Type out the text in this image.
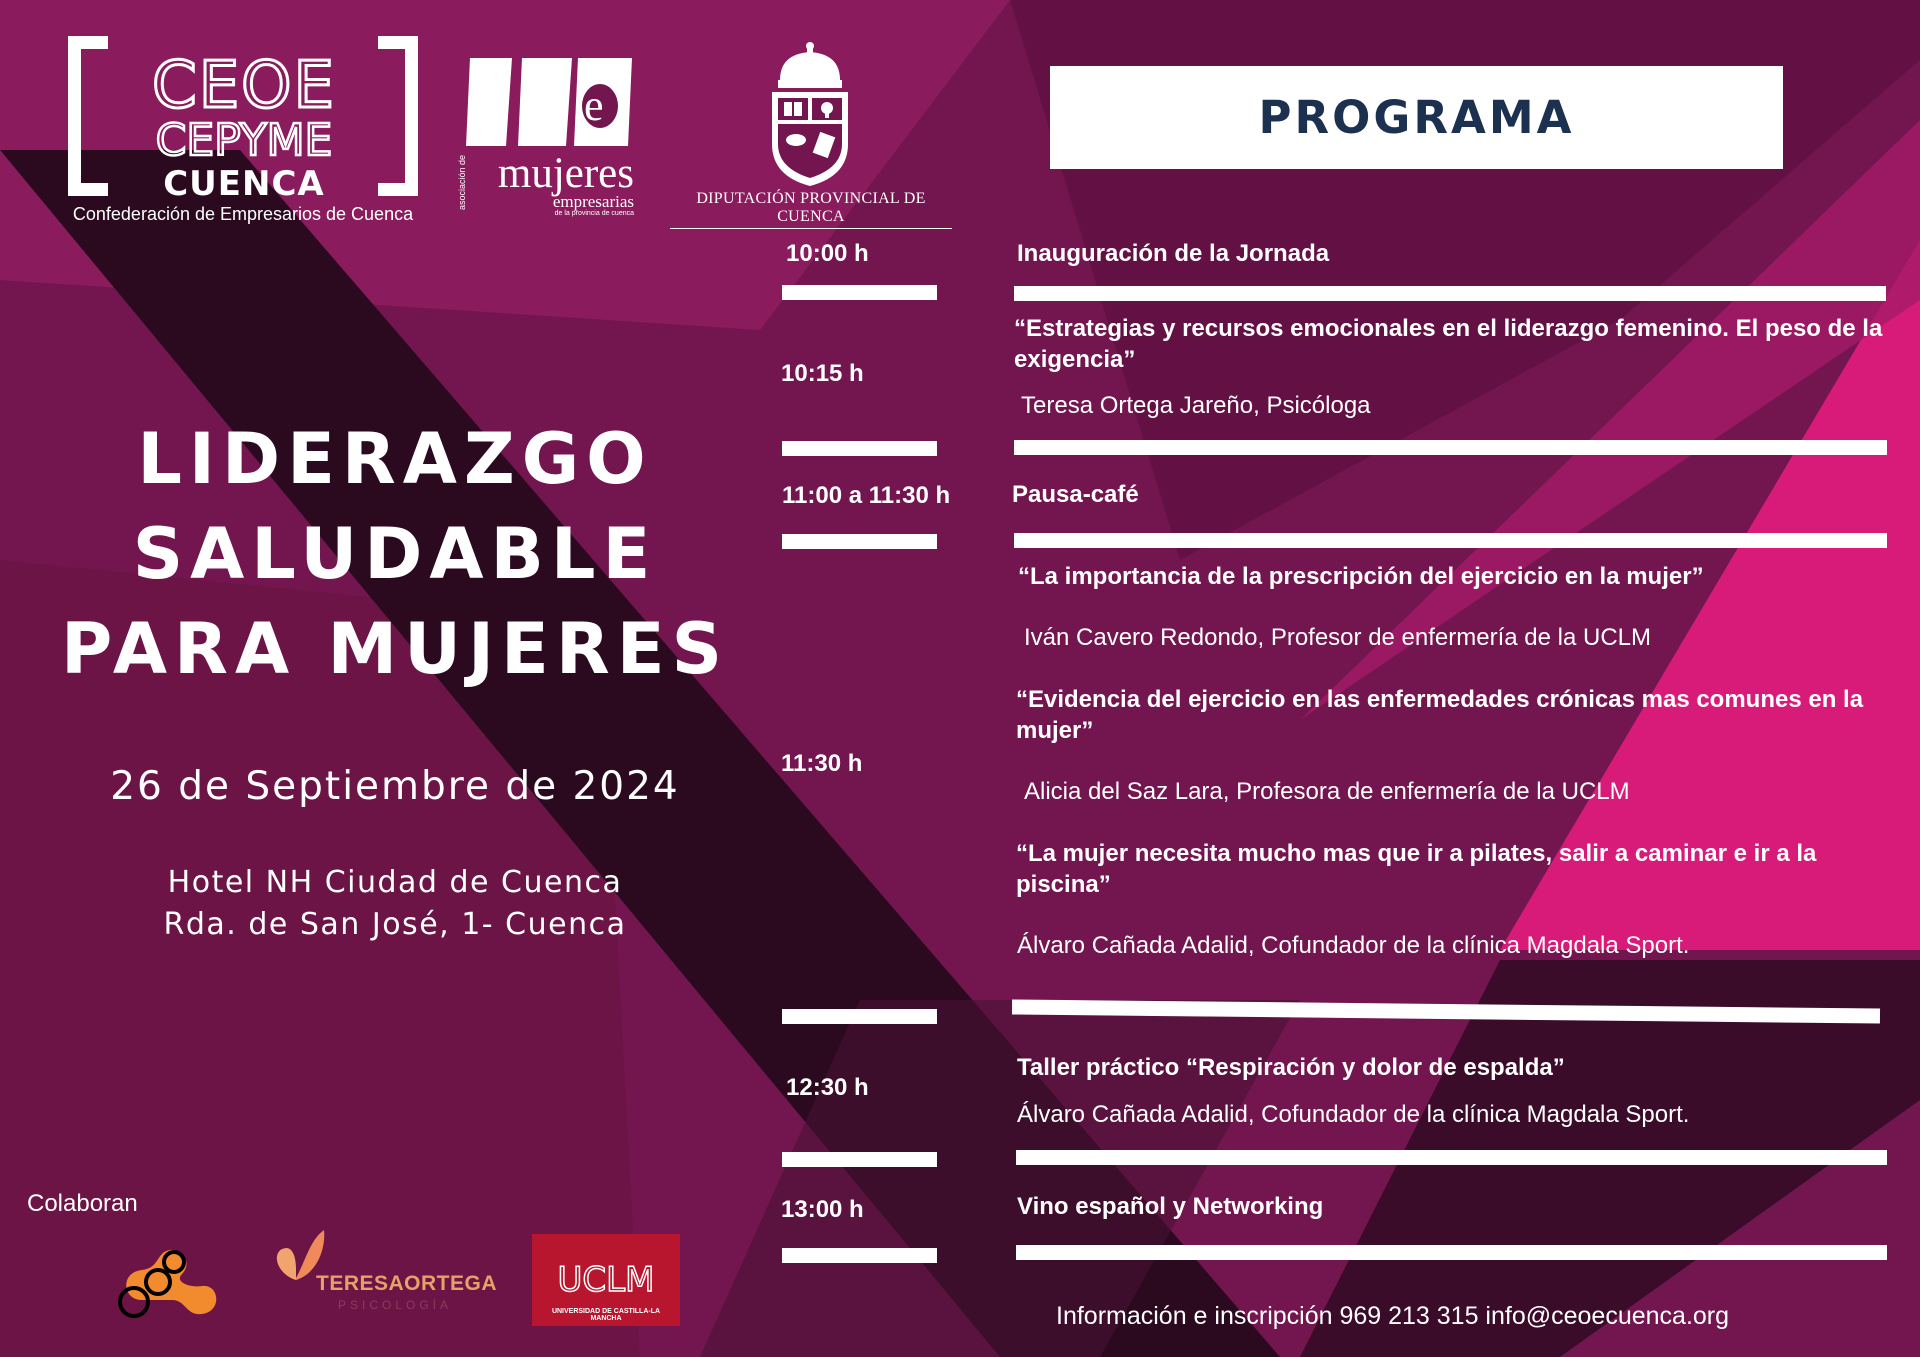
CEOE
CEPYME
CUENCA
Confederación de Empresarios de Cuenca
e
asociación de mujeres
empresarias
de la provincia de cuenca
DIPUTACIÓN PROVINCIAL DE CUENCA
PROGRAMA
LIDERAZGO
SALUDABLE
PARA MUJERES
26 de Septiembre de 2024
Hotel NH Ciudad de Cuenca
Rda. de San José, 1- Cuenca
10:00 h
10:15 h
11:00 a 11:30 h
11:30 h
12:30 h
13:00 h
Inauguración de la Jornada
“Estrategias y recursos emocionales en el liderazgo femenino. El peso de la exigencia”
Teresa Ortega Jareño, Psicóloga
Pausa-café
“La importancia de la prescripción del ejercicio en la mujer”
Iván Cavero Redondo, Profesor de enfermería de la UCLM
“Evidencia del ejercicio en las enfermedades crónicas mas comunes en la mujer”
Alicia del Saz Lara, Profesora de enfermería de la UCLM
“La mujer necesita mucho mas que ir a pilates, salir a caminar e ir a la piscina”
Álvaro Cañada Adalid, Cofundador de la clínica Magdala Sport.
Taller práctico “Respiración y dolor de espalda”
Álvaro Cañada Adalid, Cofundador de la clínica Magdala Sport.
Vino español y Networking
Colaboran
TERESAORTEGA
PSICOLOGÍA
UCLM
UNIVERSIDAD DE CASTILLA-LA MANCHA	Información e inscripción 969 213 315 info@ceoecuenca.org
